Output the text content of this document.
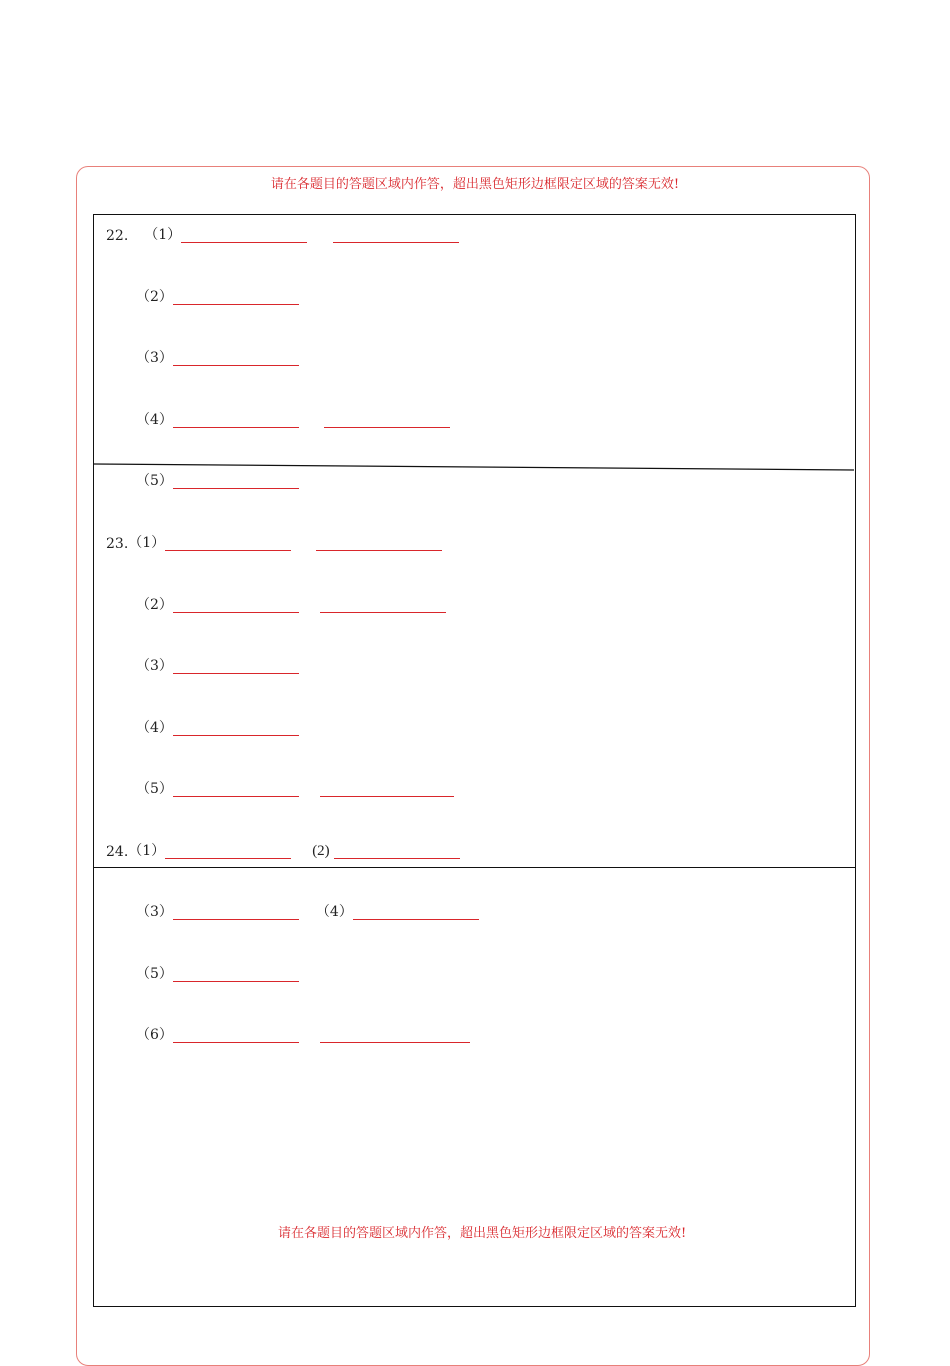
请在各题目的答题区域内作答，超出黑色矩形边框限定区域的答案无效!
22. （1）
（2）
（3）
（4）
（5）
23. （1）
（2）
（3）
（4）
（5）
24. （1）	(2)
（3）	（4）
（5）
（6）
请在各题目的答题区域内作答，超出黑色矩形边框限定区域的答案无效!
